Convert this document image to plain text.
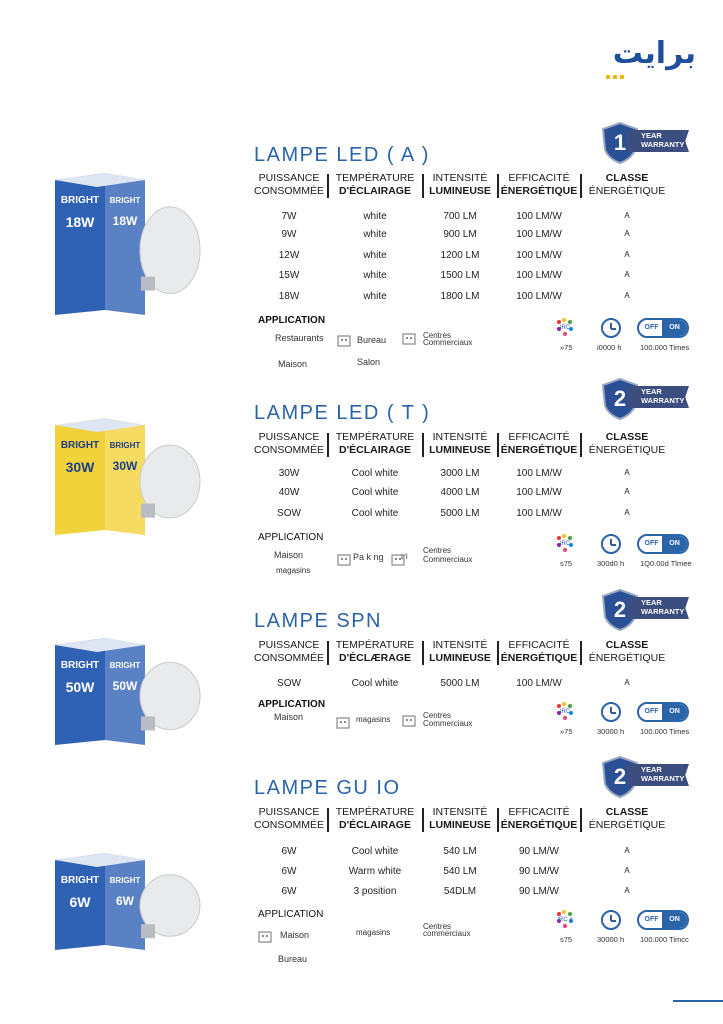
برايت
LAMPE LED ( A )	1 YEAR
WARRANTY
PUISSANCE
CONSOMMÉE
TEMPÉRATURE
D'ÉCLAIRAGE
INTENSITÉ
LUMINEUSE
EFFICACITÉ
ÉNERGÉTIQUE
CLASSE
ÉNERGÉTIQUE
7W	white	700 LM	100 LM/W	A
9W	white	900 LM	100 LM/W	A
12W	white	1200 LM	100 LM/W	A
15W	white	1500 LM	100 LM/W	A
18W	white	1800 LM	100 LM/W	A
APPLICATION
Restaurants	Bureau	Centres
Commerciaux
Maison	Salon
IRC
»75	i0000 h
OFF	ON
100.000 Times
BRIGHT
18W
BRIGHT
18W
LAMPE LED ( T )
2 YEAR
WARRANTY
PUISSANCE
CONSOMMÉE
TEMPÉRATURE
D'ÉCLAIRAGE
INTENSITÉ
LUMINEUSE
EFFICACITÉ
ÉNERGÉTIQUE
CLASSE
ÉNERGÉTIQUE
30W	Cool white	3000 LM	100 LM/W	A
40W	Cool white	4000 LM	100 LM/W	A
SOW	Cool white	5000 LM	100 LM/W	A
APPLICATION
Maison
magasins
Pa k ng tri
Centres
Commerciaux
IRC
s75	300d0 h
OFF	ON
1Q0.00d Tlmee
BRIGHT
30W
BRIGHT
30W
LAMPE SPN	2 YEAR
WARRANTY
PUISSANCE
CONSOMMÉE
TEMPÉRATURE
D'ÉCLÆRAGE
INTENSITÉ
LUMINEUSE
EFFICACITÉ
ÉNERGÉTIQUE
CLASSE
ÉNERGÉTIQUE
SOW	Cool white	5000 LM	100 LM/W	A
APPLICATION
Maison	magasins	Centres
Commerciaux
IRC
»75	30000 h
OFF	ON
100.000 Times
BRIGHT
50W
BRIGHT
50W
LAMPE GU IO	2 YEAR
WARRANTY
PUISSANCE
CONSOMMÉE
TEMPÉRATURE
D'ÉCLAIRAGE
INTENSITÉ
LUMINEUSE
EFFICACITÉ
ÉNERGÉTIQUE
CLASSE
ÉNERGÉTIQUE
6W	Cool white	540 LM	90 LM/W	A
6W	Warm white	540 LM	90 LM/W	A
6W	3 position	54DLM	90 LM/W	A
APPLICATION
Maison	magasins
Centres
commerciaux
Bureau
IRC g
s75	30000 h
OFF	ON
100.000 Timcc
BRIGHT
6W
BRIGHT
6W
